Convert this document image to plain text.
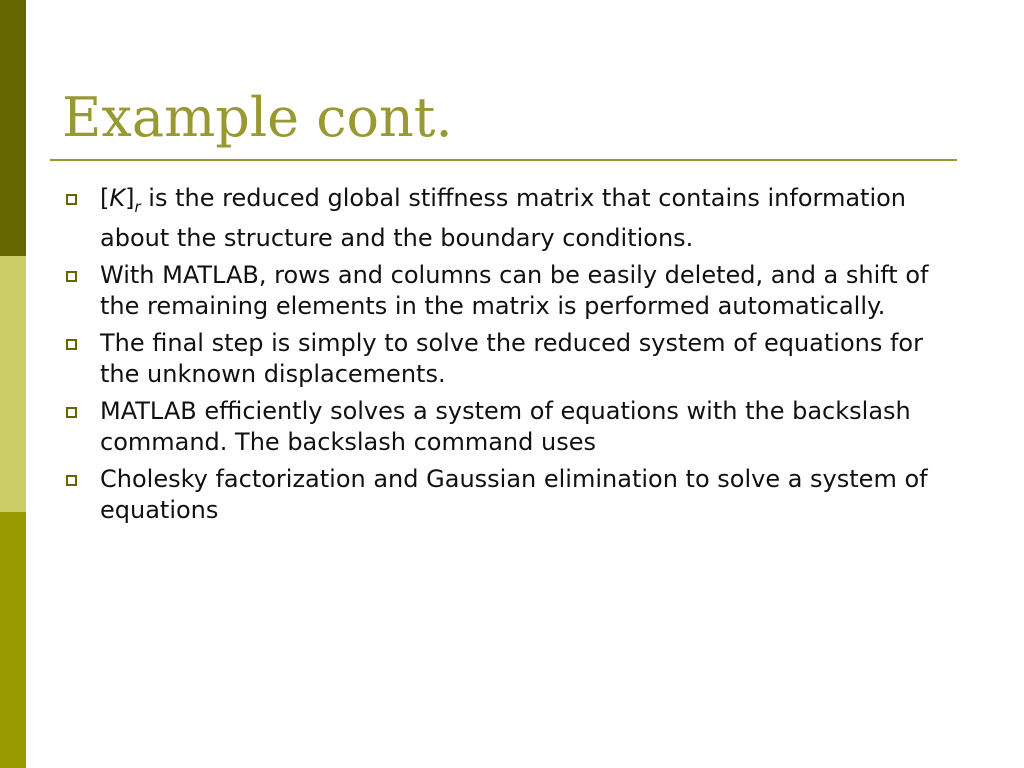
Example cont.
$[K]_r$ is the reduced global stiffness matrix that contains information about the structure and the boundary conditions.
With MATLAB, rows and columns can be easily deleted, and a shift of the remaining elements in the matrix is performed automatically.
The final step is simply to solve the reduced system of equations for the unknown displacements.
MATLAB efficiently solves a system of equations with the backslash command. The backslash command uses
Cholesky factorization and Gaussian elimination to solve a system of equations
